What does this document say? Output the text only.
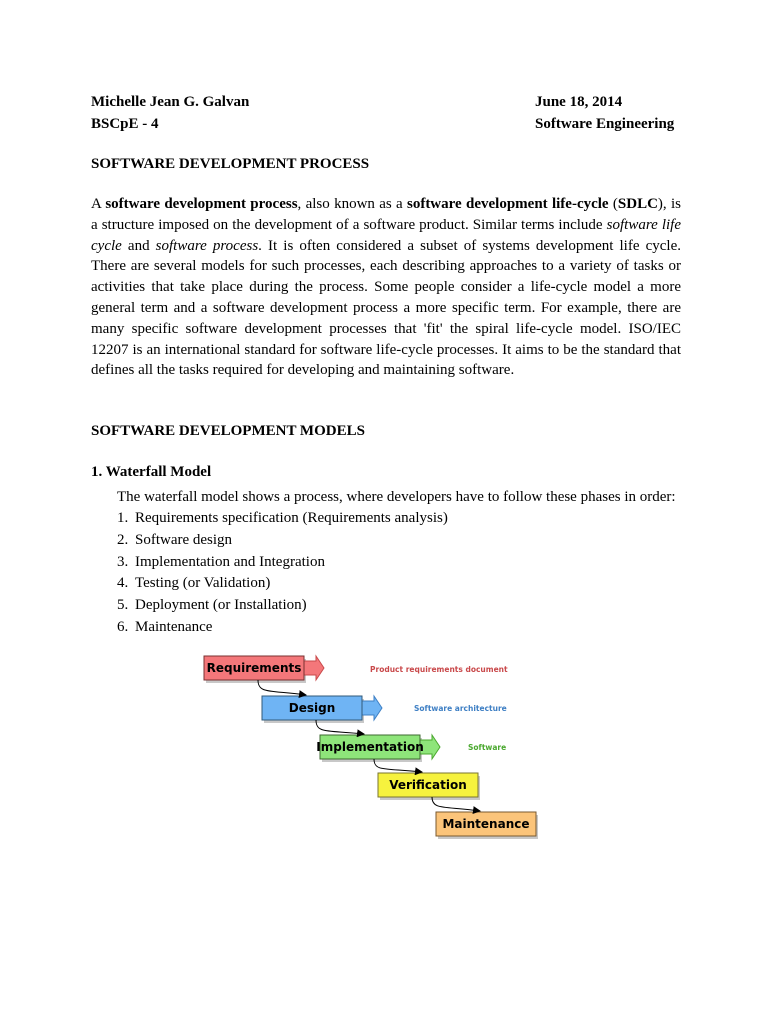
Michelle Jean G. Galvan	June 18, 2014
BSCpE - 4	Software Engineering
SOFTWARE DEVELOPMENT PROCESS
A software development process, also known as a software development life-cycle (SDLC), is a structure imposed on the development of a software product. Similar terms include software life cycle and software process. It is often considered a subset of systems development life cycle. There are several models for such processes, each describing approaches to a variety of tasks or activities that take place during the process. Some people consider a life-cycle model a more general term and a software development process a more specific term. For example, there are many specific software development processes that 'fit' the spiral life-cycle model. ISO/IEC 12207 is an international standard for software life-cycle processes. It aims to be the standard that defines all the tasks required for developing and maintaining software.
SOFTWARE DEVELOPMENT MODELS
1. Waterfall Model
The waterfall model shows a process, where developers have to follow these phases in order:
1. Requirements specification (Requirements analysis)
2. Software design
3. Implementation and Integration
4. Testing (or Validation)
5. Deployment (or Installation)
6. Maintenance
Requirements
Design
Implementation
Verification
Maintenance
Product requirements document
Software architecture
Software
